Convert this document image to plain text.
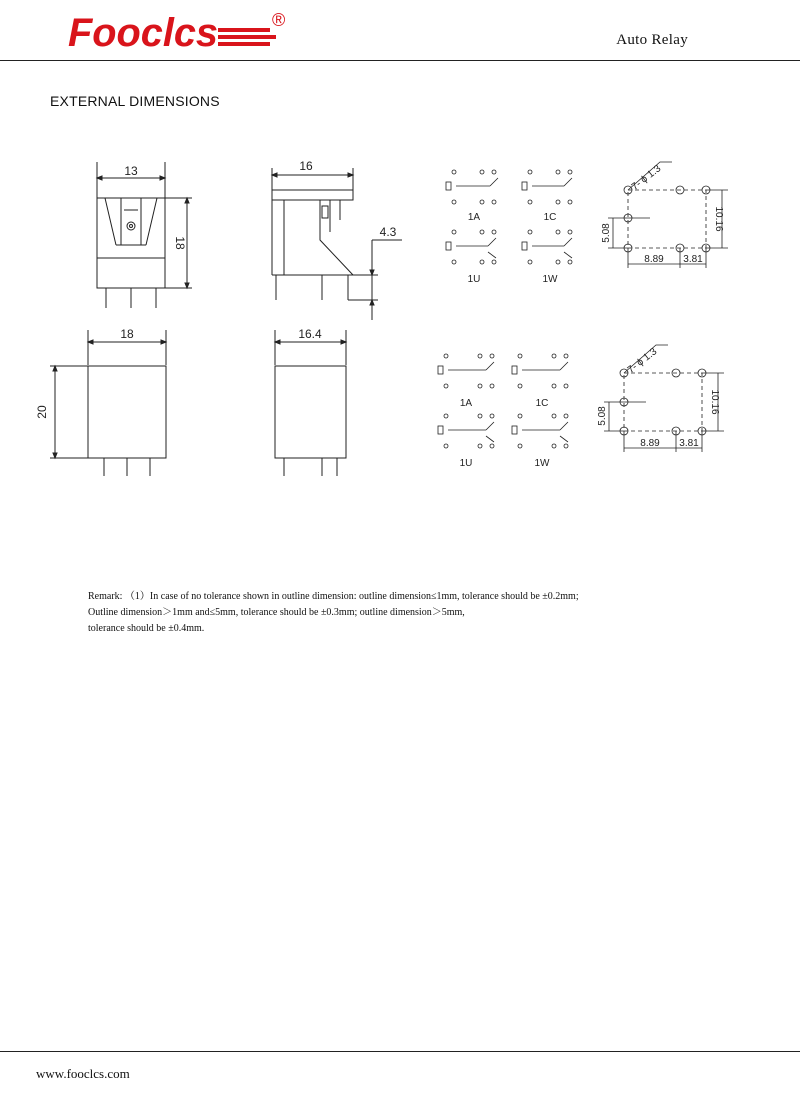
Fooclcs	®
Auto Relay
EXTERNAL DIMENSIONS
13
18
16
4.3
18
20
16.4
1A	1C
1U	1W
1A	1C
1U	1W
7- ϕ 1.3
8.89 3.81
5.08
10.16
7- ϕ 1.3
8.89 3.81
5.08
10.16
Remark: （1）In case of no tolerance shown in outline dimension: outline dimension≤1mm, tolerance should be ±0.2mm;
Outline dimension＞1mm and≤5mm, tolerance should be ±0.3mm; outline dimension＞5mm,
tolerance should be ±0.4mm.
www.fooclcs.com
